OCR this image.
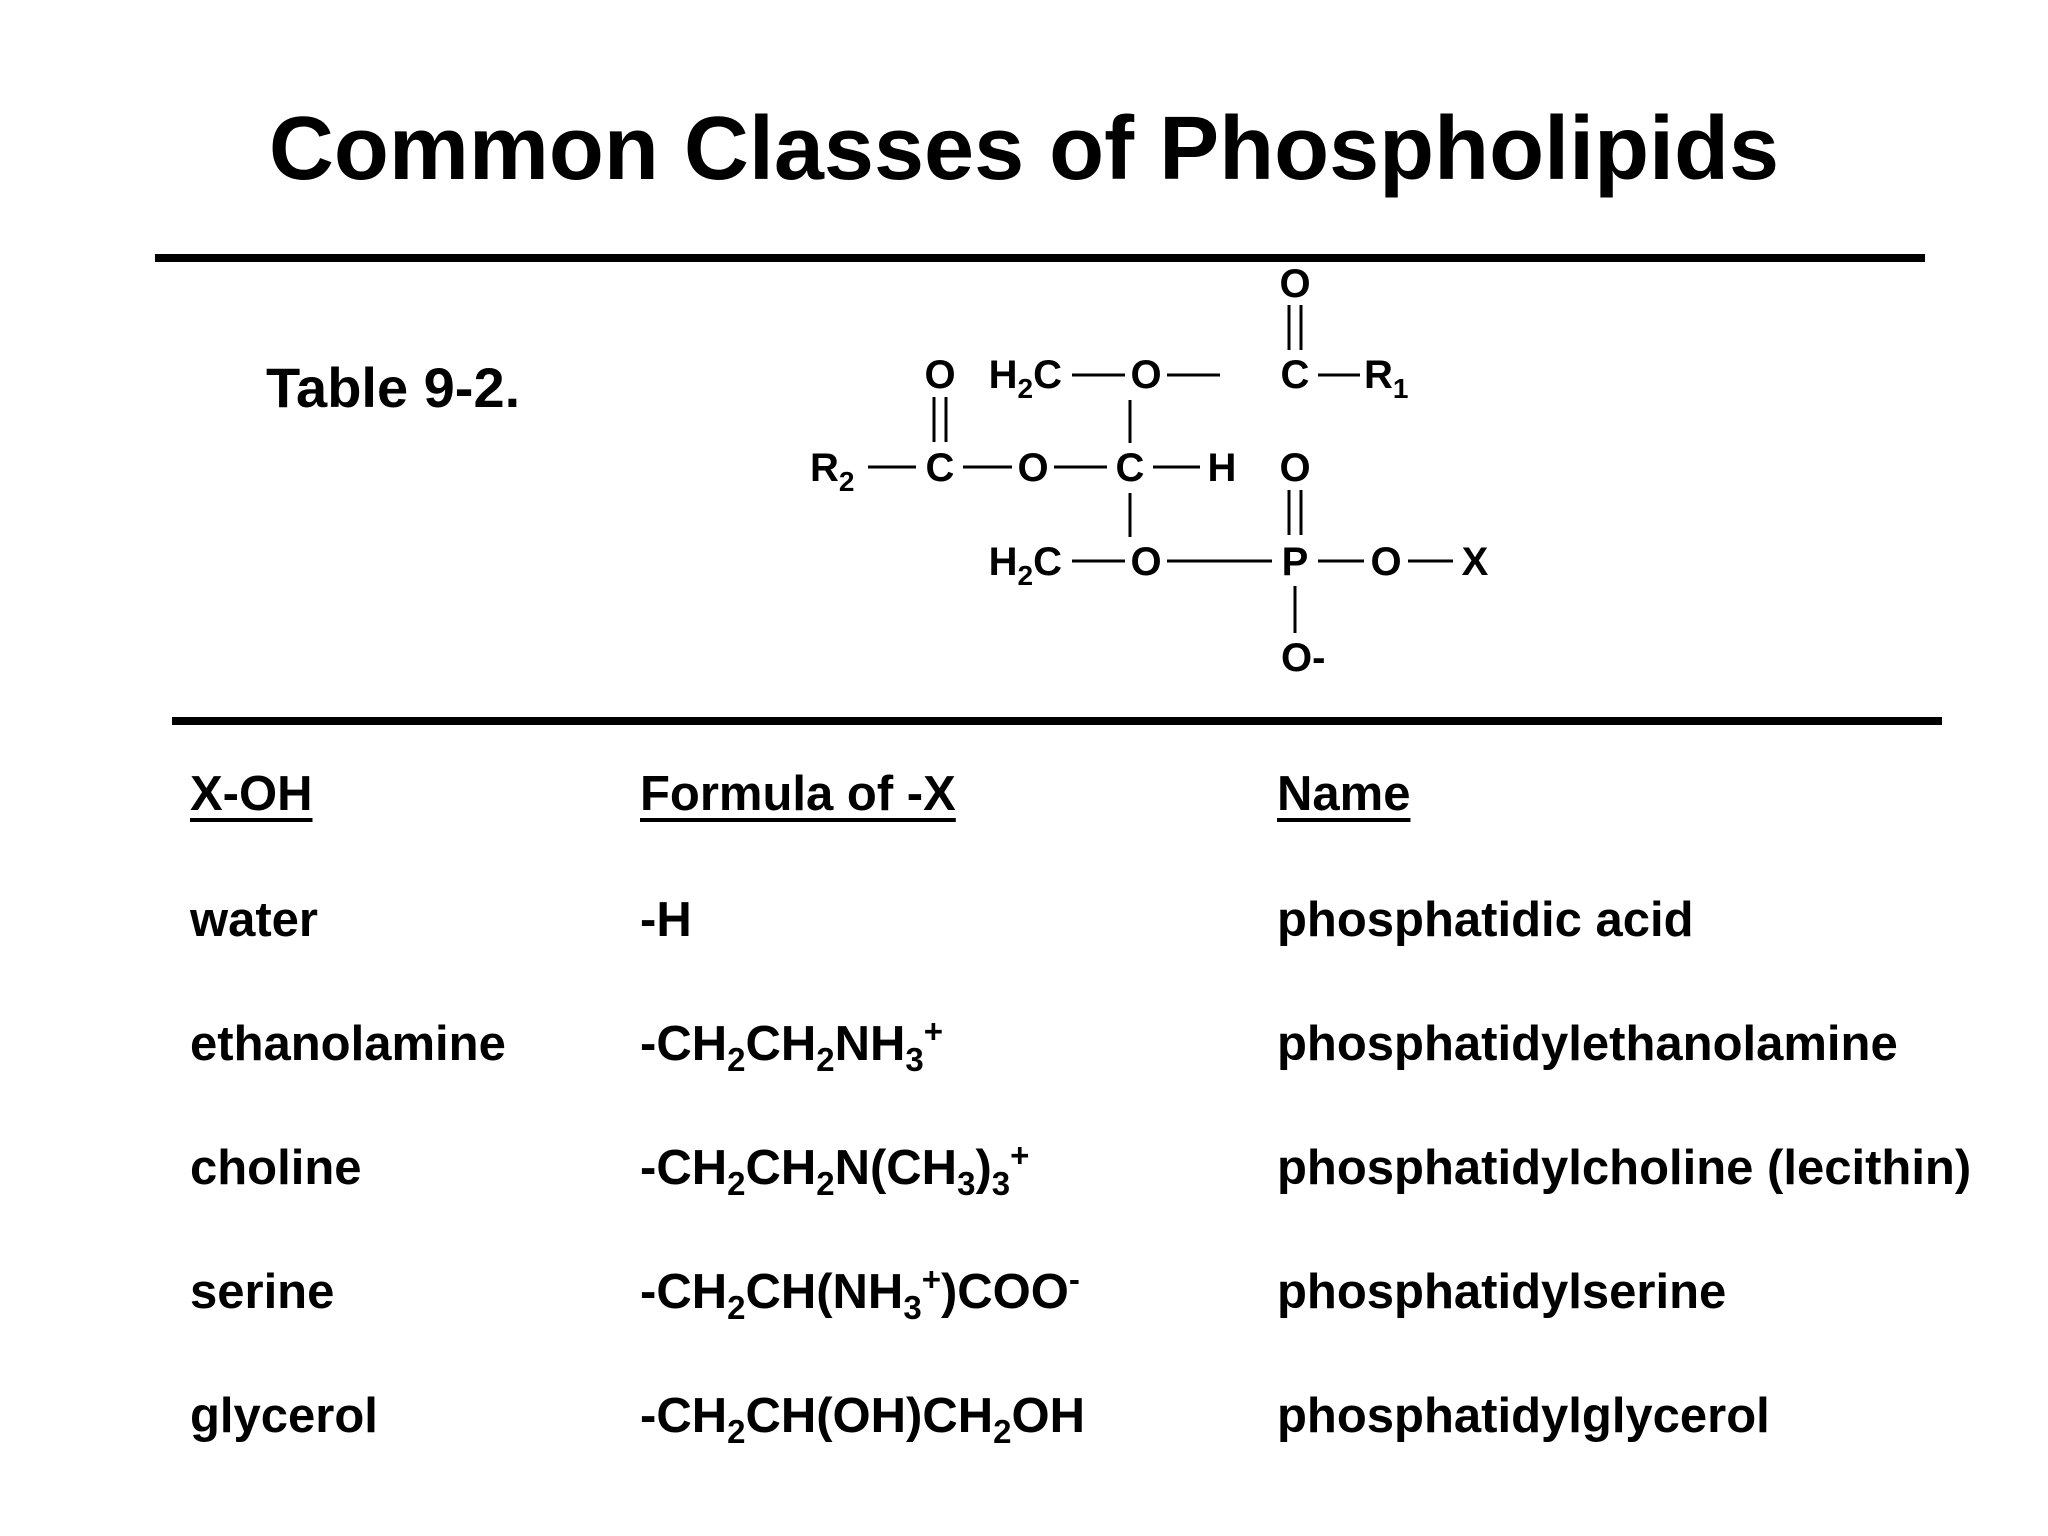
Common Classes of Phospholipids
Table 9-2.
O
$H_2C$ O	C $R_1$
O
$R_2$ C O C H O
$H_2C$ O	P O X
O-
X-OH	Formula of -X	Name
water	-H	phosphatidic acid
ethanolamine	$-CH_2CH_2NH_3^+$	phosphatidylethanolamine
choline	$-CH_2CH_2N(CH_3)_3^+$	phosphatidylcholine (lecithin)
serine	$-CH_2CH(NH_3^+)COO^-$	phosphatidylserine
glycerol	$-CH_2CH(OH)CH_2OH$	phosphatidylglycerol
